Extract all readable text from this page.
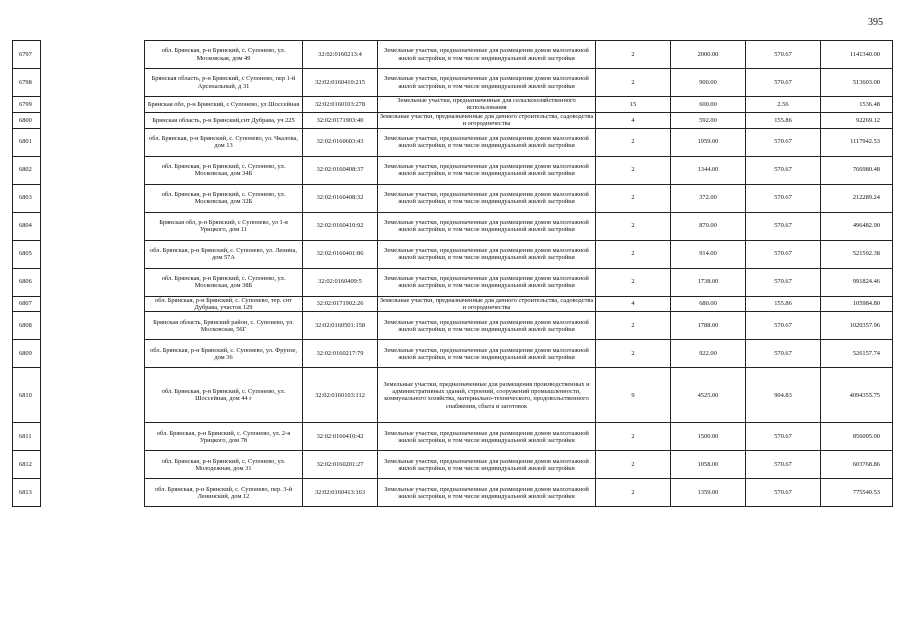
395
6797		обл. Брянская, р-н Брянский, с. Супонево, ул. Московская, дом 49	32:02:0160213:4	Земельные участки, предназначенные для размещения домов малоэтажной жилой застройки, в том числе индивидуальной жилой застройки	2	2000.00	570.67	1141340.00
6798		Брянская область, р-н Брянский, с Супонево, пер 1-й Арсенальный, д 31	32:02:0160410:215	Земельные участки, предназначенные для размещения домов малоэтажной жилой застройки, в том числе индивидуальной жилой застройки	2	900.00	570.67	513603.00
6799		Брянская обл, р-н Брянский, с Супонево, ул Шоссейная	32:02:0160103:278	Земельные участки, предназначенные для сельскохозяйственного использования	15	600.00	2.56	1536.48
6800		Брянская область, р-н Брянский,снт Дубрава, уч 225	32:02:0171903:40	Земельные участки, предназначенные для дачного строительства, садоводства и огородничества	4	592.00	155.86	92269.12
6801		обл. Брянская, р-н Брянский, с. Супонево, ул. Чкалова, дом 13	32:02:0160603:43	Земельные участки, предназначенные для размещения домов малоэтажной жилой застройки, в том числе индивидуальной жилой застройки	2	1959.00	570.67	1117942.53
6802		обл. Брянская, р-н Брянский, с. Супонево, ул. Московская, дом 34Б	32:02:0160408:37	Земельные участки, предназначенные для размещения домов малоэтажной жилой застройки, в том числе индивидуальной жилой застройки	2	1344.00	570.67	766980.48
6803		обл. Брянская, р-н Брянский, с. Супонево, ул. Московская, дом 32Б	32:02:0160408:32	Земельные участки, предназначенные для размещения домов малоэтажной жилой застройки, в том числе индивидуальной жилой застройки	2	372.00	570.67	212289.24
6804		Брянская обл, р-н Брянский, с Супонево, ул 1-я Урицкого, дом 11	32:02:0160410:92	Земельные участки, предназначенные для размещения домов малоэтажной жилой застройки, в том числе индивидуальной жилой застройки	2	870.00	570.67	496482.90
6805		обл. Брянская, р-н Брянский, с. Супонево, ул. Ленина, дом 57А	32:02:0160401:86	Земельные участки, предназначенные для размещения домов малоэтажной жилой застройки, в том числе индивидуальной жилой застройки	2	914.00	570.67	521592.38
6806		обл. Брянская, р-н Брянский, с. Супонево, ул. Московская, дом 38Б	32:02:0160409:5	Земельные участки, предназначенные для размещения домов малоэтажной жилой застройки, в том числе индивидуальной жилой застройки	2	1738.00	570.67	991824.46
6807		обл. Брянская, р-н Брянский, с. Супонево, тер. снт Дубрава, участок 129	32:02:0171902:26	Земельные участки, предназначенные для дачного строительства, садоводства и огородничества	4	680.00	155.86	105984.80
6808		Брянская область, Брянский район, с. Супонево, ул. Московская, 56Г	32:02:0160501:158	Земельные участки, предназначенные для размещения домов малоэтажной жилой застройки, в том числе индивидуальной жилой застройки	2	1788.00	570.67	1020357.96
6809		обл. Брянская, р-н Брянский, с. Супонево, ул. Фрунзе, дом 36	32:02:0160217:79	Земельные участки, предназначенные для размещения домов малоэтажной жилой застройки, в том числе индивидуальной жилой застройки	2	922.00	570.67	526157.74
6810		обл. Брянская, р-н Брянский, с. Супонево, ул. Шоссейная, дом 44 г	32:02:0160103:112	Земельные участки, предназначенные для размещения производственных и административных зданий, строений, сооружений промышленности, коммунального хозяйства, материально-технического, продовольственного снабжения, сбыта и заготовок	9	4525.00	904.83	4094355.75
6811		обл. Брянская, р-н Брянский, с. Супонево, ул. 2-я Урицкого, дом 78	32:02:0160410:42	Земельные участки, предназначенные для размещения домов малоэтажной жилой застройки, в том числе индивидуальной жилой застройки	2	1500.00	570.67	856005.00
6812		обл. Брянская, р-н Брянский, с. Супонево, ул. Молодежная, дом 31	32:02:0160201:27	Земельные участки, предназначенные для размещения домов малоэтажной жилой застройки, в том числе индивидуальной жилой застройки	2	1058.00	570.67	603768.86
6813		обл. Брянская, р-н Брянский, с. Супонево, пер. 3-й Ленинский, дом 12	32:02:0160413:163	Земельные участки, предназначенные для размещения домов малоэтажной жилой застройки, в том числе индивидуальной жилой застройки	2	1359.00	570.67	775540.53
